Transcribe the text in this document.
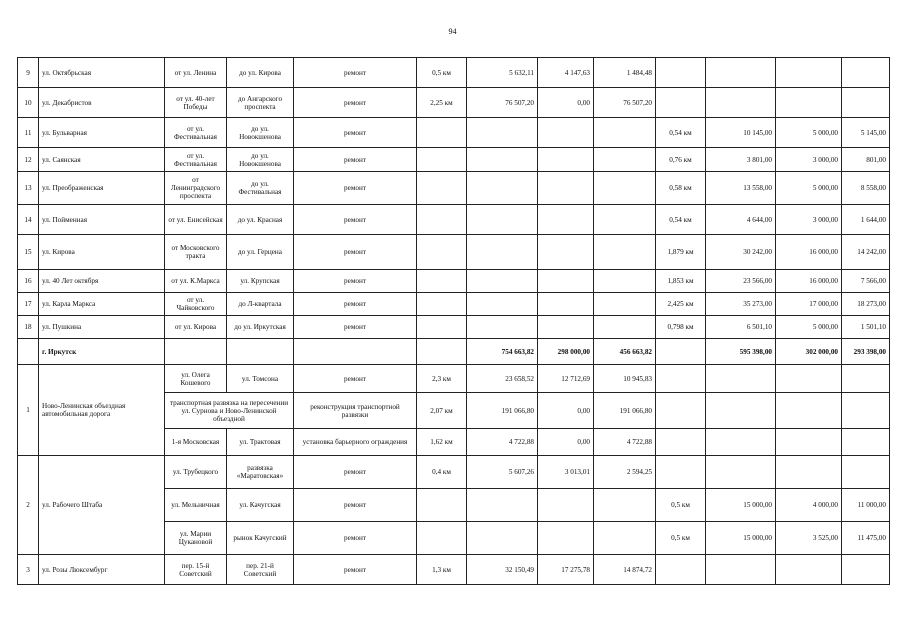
94
9	ул. Октябрьская	от ул. Ленина	до ул. Кирова	ремонт	0,5 км	5 632,11	4 147,63	1 484,48				
10	ул. Декабристов	от ул. 40-лет Победы	до Ангарского проспекта	ремонт	2,25 км	76 507,20	0,00	76 507,20				
11	ул. Бульварная	от ул. Фестивальная	до ул. Новокшенова	ремонт					0,54 км	10 145,00	5 000,00	5 145,00
12	ул. Саянская	от ул. Фестивальная	до ул. Новокшенова	ремонт					0,76 км	3 801,00	3 000,00	801,00
13	ул. Преображенская	от Ленинградского проспекта	до ул. Фестивальная	ремонт					0,58 км	13 558,00	5 000,00	8 558,00
14	ул. Пойменная	от ул. Енисейская	до ул. Красная	ремонт					0,54 км	4 644,00	3 000,00	1 644,00
15	ул. Кирова	от Московского тракта	до ул. Герцена	ремонт					1,879 км	30 242,00	16 000,00	14 242,00
16	ул. 40 Лет октября	от ул. К.Маркса	ул. Крупская	ремонт					1,853 км	23 566,00	16 000,00	7 566,00
17	ул. Карла Маркса	от ул. Чайковского	до Л-квартала	ремонт					2,425 км	35 273,00	17 000,00	18 273,00
18	ул. Пушкина	от ул. Кирова	до ул. Иркутская	ремонт					0,798 км	6 501,10	5 000,00	1 501,10
	г. Иркутск					754 663,82	298 000,00	456 663,82		595 398,00	302 000,00	293 398,00
1	Ново-Ленинская объездная автомобильная дорога	ул. Олега Кошевого	ул. Томсона	ремонт	2,3 км	23 658,52	12 712,69	10 945,83				
		транспортная развязка на пересечении ул. Сурнова и Ново-Ленинской объездной		реконструкция транспортной развязки	2,07 км	191 066,80	0,00	191 066,80				
		1-я Московская	ул. Трактовая	установка барьерного ограждения	1,62 км	4 722,88	0,00	4 722,88				
2	ул. Рабочего Штаба	ул. Трубецкого	развязка «Маратовская»	ремонт	0,4 км	5 607,26	3 013,01	2 594,25				
		ул. Мельничная	ул. Качугская	ремонт					0,5 км	15 000,00	4 000,00	11 000,00
		ул. Марии Цукановой	рынок Качугский	ремонт					0,5 км	15 000,00	3 525,00	11 475,00
3	ул. Розы Люксембург	пер. 15-й Советский	пер. 21-й Советский	ремонт	1,3 км	32 150,49	17 275,78	14 874,72				
